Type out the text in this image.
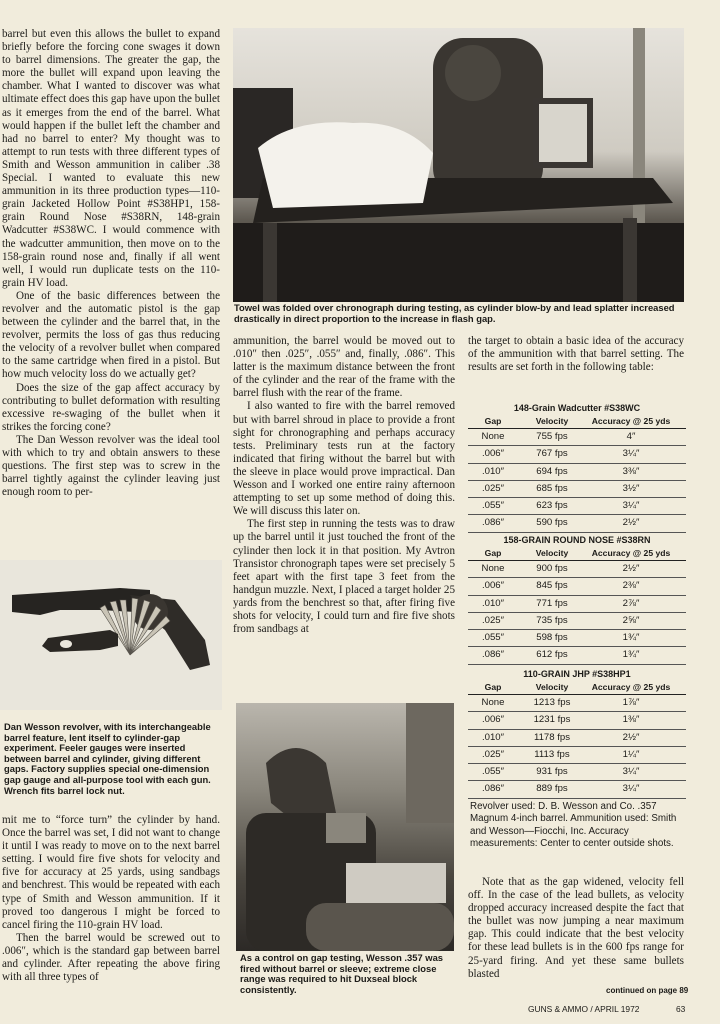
barrel but even this allows the bullet to expand briefly before the forcing cone swages it down to barrel dimensions. The greater the gap, the more the bullet will expand upon leaving the chamber. What I wanted to discover was what ultimate effect does this gap have upon the bullet as it emerges from the end of the barrel. What would happen if the bullet left the chamber and had no barrel to enter? My thought was to attempt to run tests with three different types of Smith and Wesson ammunition in caliber .38 Special. I wanted to evaluate this new ammunition in its three production types—110-grain Jacketed Hollow Point #S38HP1, 158-grain Round Nose #S38RN, 148-grain Wadcutter #S38WC. I would commence with the wadcutter ammunition, then move on to the 158-grain round nose and, finally if all went well, I would run duplicate tests on the 110-grain HV load.

One of the basic differences between the revolver and the automatic pistol is the gap between the cylinder and the barrel that, in the revolver, permits the loss of gas thus reducing the velocity of a revolver bullet when compared to the same cartridge when fired in a pistol. But how much velocity loss do we actually get?

Does the size of the gap affect accuracy by contributing to bullet deformation with resulting excessive re-swaging of the bullet when it strikes the forcing cone?

The Dan Wesson revolver was the ideal tool with which to try and obtain answers to these questions. The first step was to screw in the barrel tightly against the cylinder leaving just enough room to per-

Dan Wesson revolver, with its interchangeable barrel feature, lent itself to cylinder-gap experiment. Feeler gauges were inserted between barrel and cylinder, giving different gaps. Factory supplies special one-dimension gap gauge and all-purpose tool with each gun. Wrench fits barrel lock nut.

mit me to “force turn” the cylinder by hand. Once the barrel was set, I did not want to change it until I was ready to move on to the next barrel setting. I would fire five shots for velocity and five for accuracy at 25 yards, using sandbags and benchrest. This would be repeated with each type of Smith and Wesson ammunition. If it proved too dangerous I might be forced to cancel firing the 110-grain HV load.

Then the barrel would be screwed out to .006″, which is the standard gap between barrel and cylinder. After repeating the above firing with all three types of

Towel was folded over chronograph during testing, as cylinder blow-by and lead splatter increased drastically in direct proportion to the increase in flash gap.

ammunition, the barrel would be moved out to .010″ then .025″, .055″ and, finally, .086″. This latter is the maximum distance between the front of the cylinder and the rear of the frame with the barrel flush with the rear of the frame.

I also wanted to fire with the barrel removed but with barrel shroud in place to provide a front sight for chronographing and perhaps accuracy tests. Preliminary tests run at the factory indicated that firing without the barrel but with the sleeve in place would prove impractical. Dan Wesson and I worked one entire rainy afternoon attempting to set up some method of doing this. We will discuss this later on.

The first step in running the tests was to draw up the barrel until it just touched the front of the cylinder then lock it in that position. My Avtron Transistor chronograph tapes were set precisely 5 feet apart with the first tape 3 feet from the handgun muzzle. Next, I placed a target holder 25 yards from the benchrest so that, after firing five shots for velocity, I could turn and fire five shots from sandbags at

As a control on gap testing, Wesson .357 was fired without barrel or sleeve; extreme close range was required to hit Duxseal block consistently.

the target to obtain a basic idea of the accuracy of the ammunition with that barrel setting. The results are set forth in the following table:

148-Grain Wadcutter #S38WC
Gap	Velocity	Accuracy @ 25 yds
None	755 fps	4″
.006″	767 fps	3¼″
.010″	694 fps	3⅜″
.025″	685 fps	3½″
.055″	623 fps	3¼″
.086″	590 fps	2½″
158-GRAIN ROUND NOSE #S38RN
Gap	Velocity	Accuracy @ 25 yds
None	900 fps	2½″
.006″	845 fps	2⅜″
.010″	771 fps	2⅞″
.025″	735 fps	2⅝″
.055″	598 fps	1¾″
.086″	612 fps	1¾″
110-GRAIN JHP #S38HP1
Gap	Velocity	Accuracy @ 25 yds
None	1213 fps	1⅞″
.006″	1231 fps	1⅜″
.010″	1178 fps	2½″
.025″	1113 fps	1¼″
.055″	931 fps	3¼″
.086″	889 fps	3¼″
Revolver used: D. B. Wesson and Co. .357 Magnum 4-inch barrel. Ammunition used: Smith and Wesson—Fiocchi, Inc. Accuracy measurements: Center to center outside shots.

Note that as the gap widened, velocity fell off. In the case of the lead bullets, as velocity dropped accuracy increased despite the fact that the bullet was now jumping a near maximum gap. This could indicate that the best velocity for these lead bullets is in the 600 fps range for 25-yard firing. And yet these same bullets blasted

continued on page 89
GUNS & AMMO / APRIL 1972	63
